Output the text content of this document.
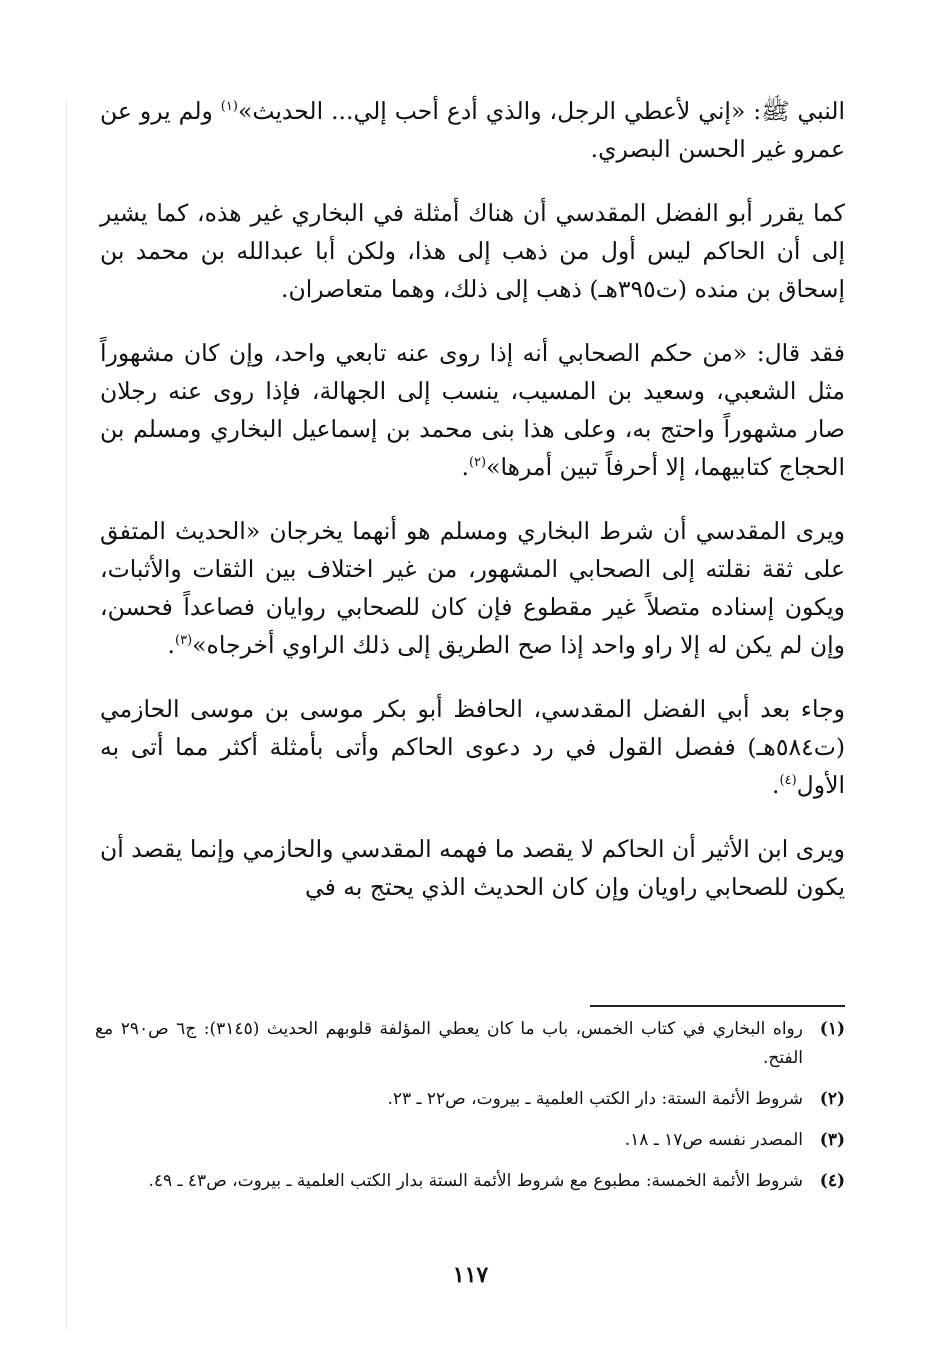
النبي ﷺ: «إني لأعطي الرجل، والذي أدع أحب إلي... الحديث»$^{(١)}$ ولم يرو عن عمرو غير الحسن البصري.

كما يقرر أبو الفضل المقدسي أن هناك أمثلة في البخاري غير هذه، كما يشير إلى أن الحاكم ليس أول من ذهب إلى هذا، ولكن أبا عبدالله بن محمد بن إسحاق بن منده (ت٣٩٥هـ) ذهب إلى ذلك، وهما متعاصران.

فقد قال: «من حكم الصحابي أنه إذا روى عنه تابعي واحد، وإن كان مشهوراً مثل الشعبي، وسعيد بن المسيب، ينسب إلى الجهالة، فإذا روى عنه رجلان صار مشهوراً واحتج به، وعلى هذا بنى محمد بن إسماعيل البخاري ومسلم بن الحجاج كتابيهما، إلا أحرفاً تبين أمرها»$^{(٢)}$.

ويرى المقدسي أن شرط البخاري ومسلم هو أنهما يخرجان «الحديث المتفق على ثقة نقلته إلى الصحابي المشهور، من غير اختلاف بين الثقات والأثبات، ويكون إسناده متصلاً غير مقطوع فإن كان للصحابي روايان فصاعداً فحسن، وإن لم يكن له إلا راو واحد إذا صح الطريق إلى ذلك الراوي أخرجاه»$^{(٣)}$.

وجاء بعد أبي الفضل المقدسي، الحافظ أبو بكر موسى بن موسى الحازمي (ت٥٨٤هـ) ففصل القول في رد دعوى الحاكم وأتى بأمثلة أكثر مما أتى به الأول$^{(٤)}$.

ويرى ابن الأثير أن الحاكم لا يقصد ما فهمه المقدسي والحازمي وإنما يقصد أن يكون للصحابي راويان وإن كان الحديث الذي يحتج به في

(١)
رواه البخاري في كتاب الخمس، باب ما كان يعطي المؤلفة قلوبهم الحديث (٣١٤٥): ج٦ ص٢٩٠ مع الفتح.
(٢)
شروط الأئمة الستة: دار الكتب العلمية ـ بيروت، ص٢٢ ـ ٢٣.
(٣)
المصدر نفسه ص١٧ ـ ١٨.
(٤)
شروط الأئمة الخمسة: مطبوع مع شروط الأئمة الستة بدار الكتب العلمية ـ بيروت، ص٤٣ ـ ٤٩.
١١٧
